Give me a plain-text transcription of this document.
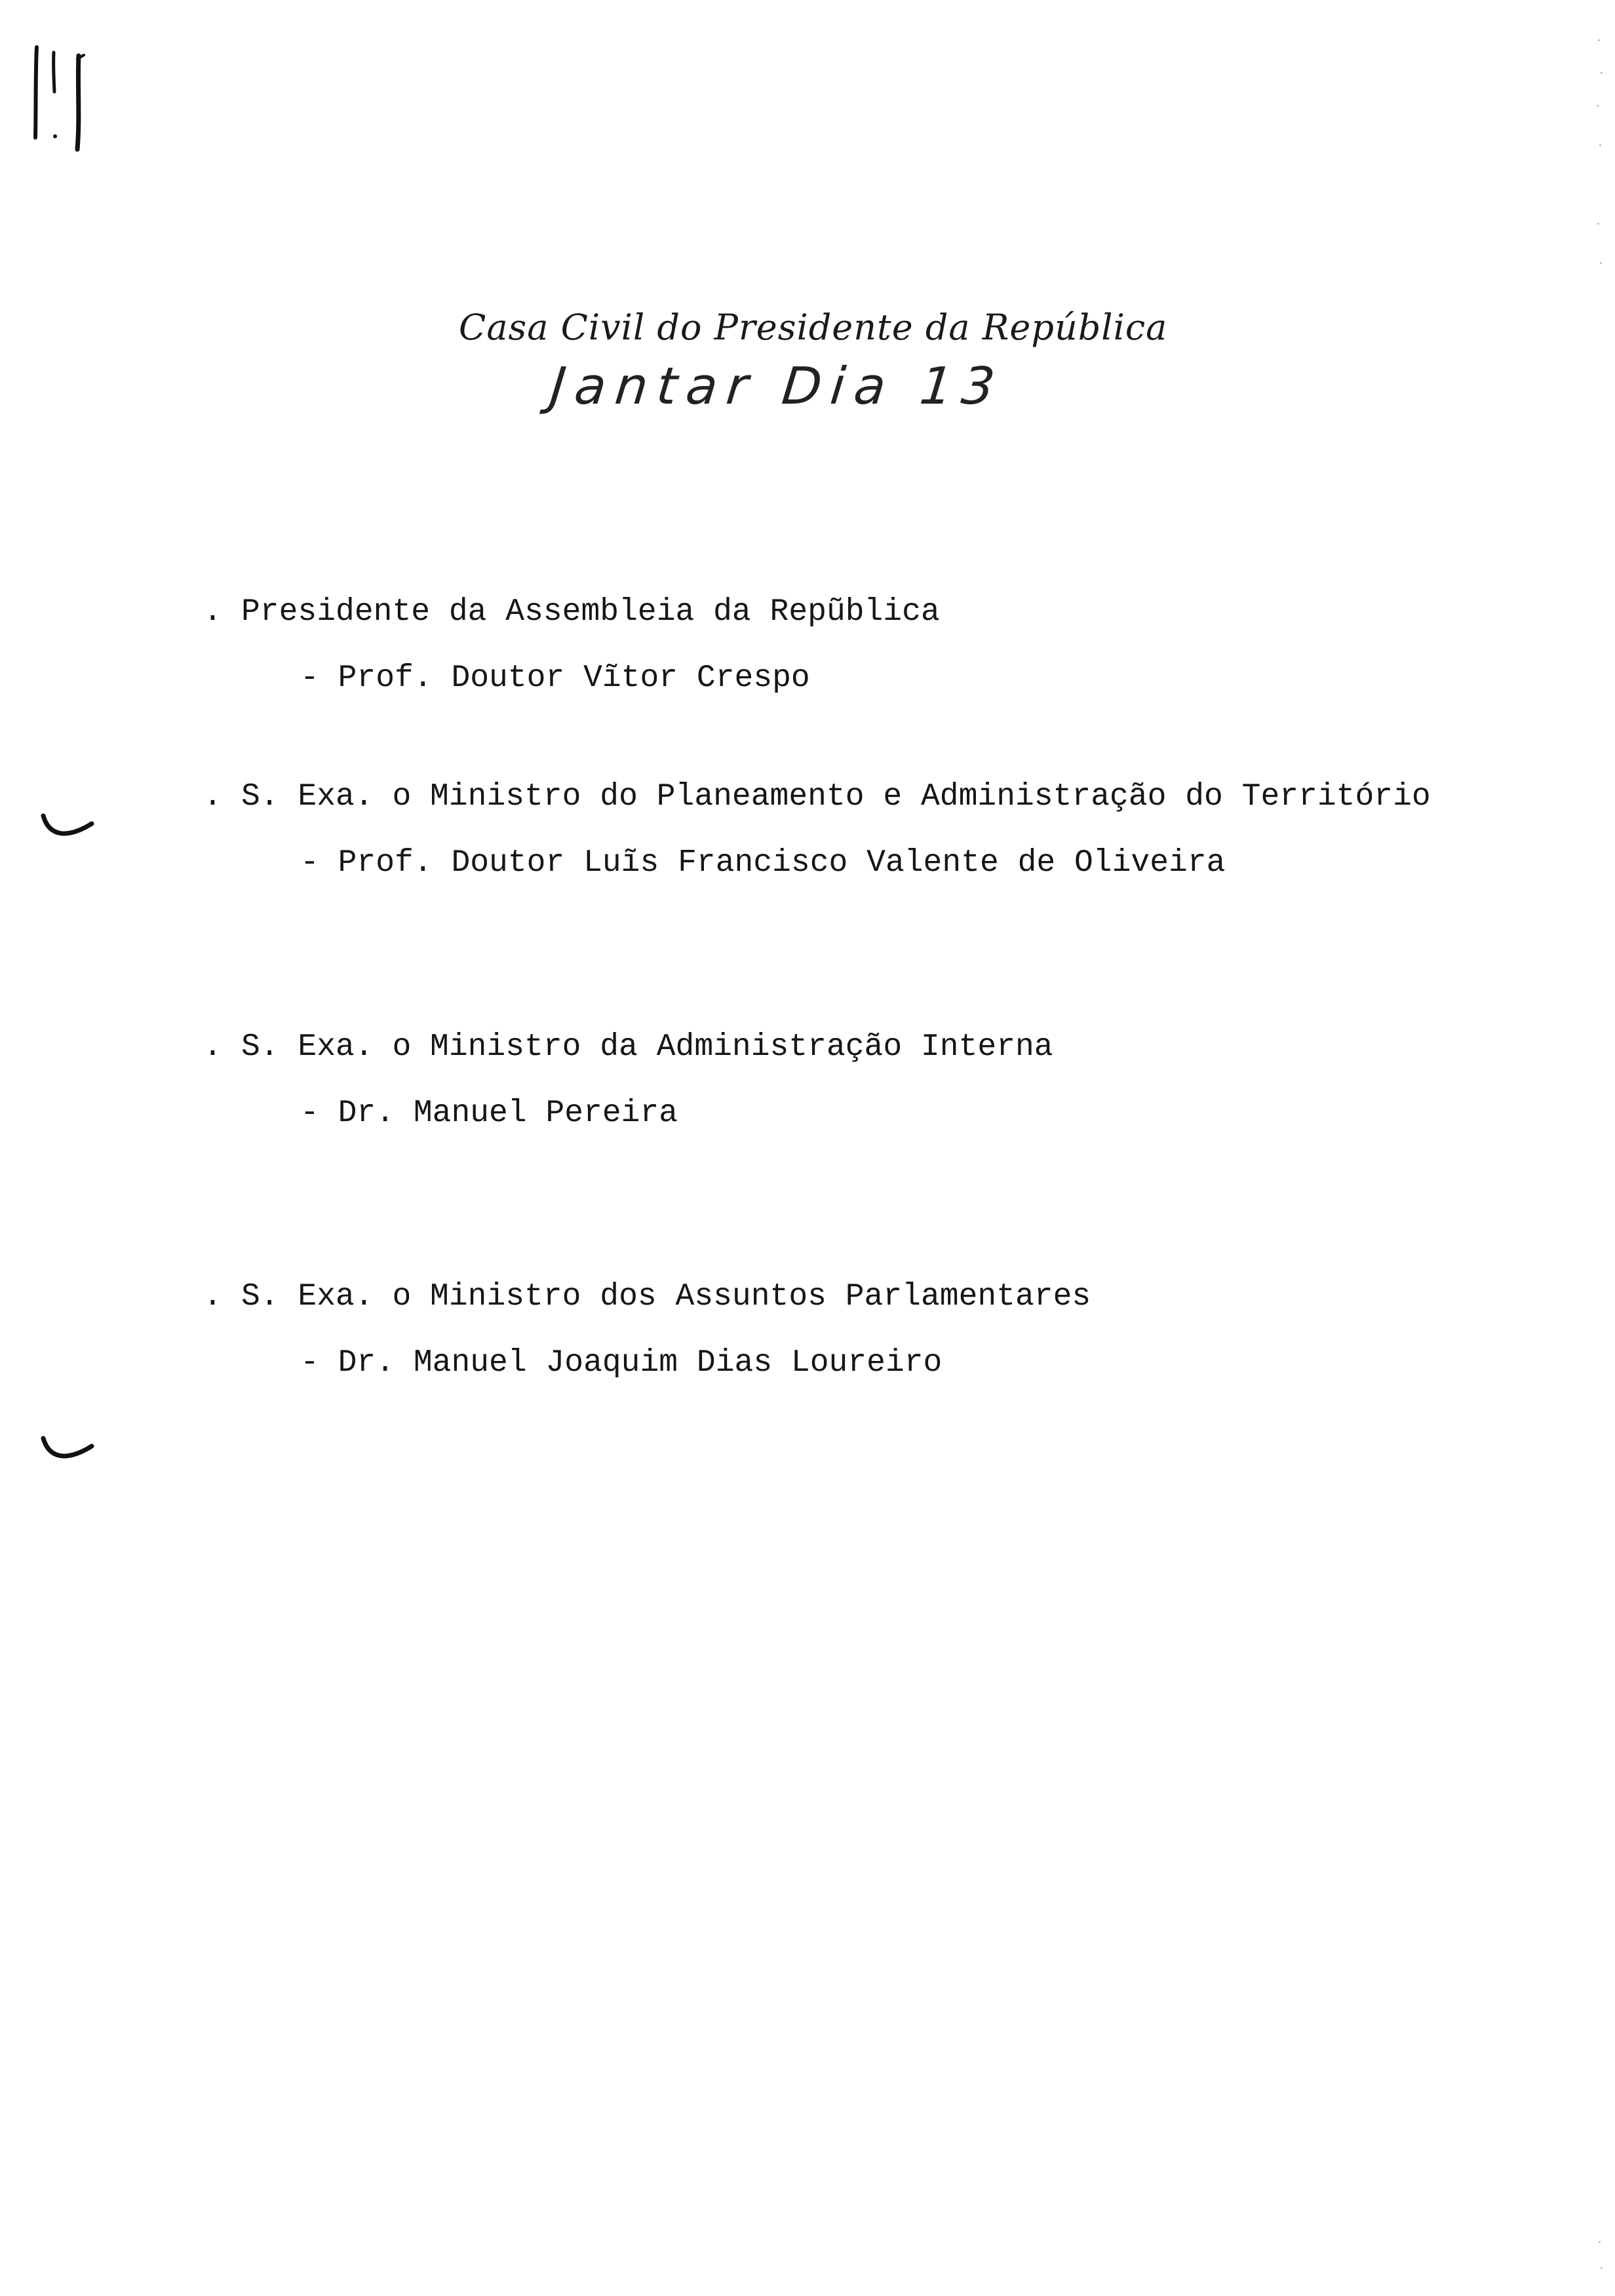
Casa Civil do Presidente da República
Jantar Dia 13
. Presidente da Assembleia da Repũblica
- Prof. Doutor Vĩtor Crespo
. S. Exa. o Ministro do Planeamento e Administração do Território
- Prof. Doutor Luĩs Francisco Valente de Oliveira
. S. Exa. o Ministro da Administração Interna
- Dr. Manuel Pereira
. S. Exa. o Ministro dos Assuntos Parlamentares
- Dr. Manuel Joaquim Dias Loureiro
